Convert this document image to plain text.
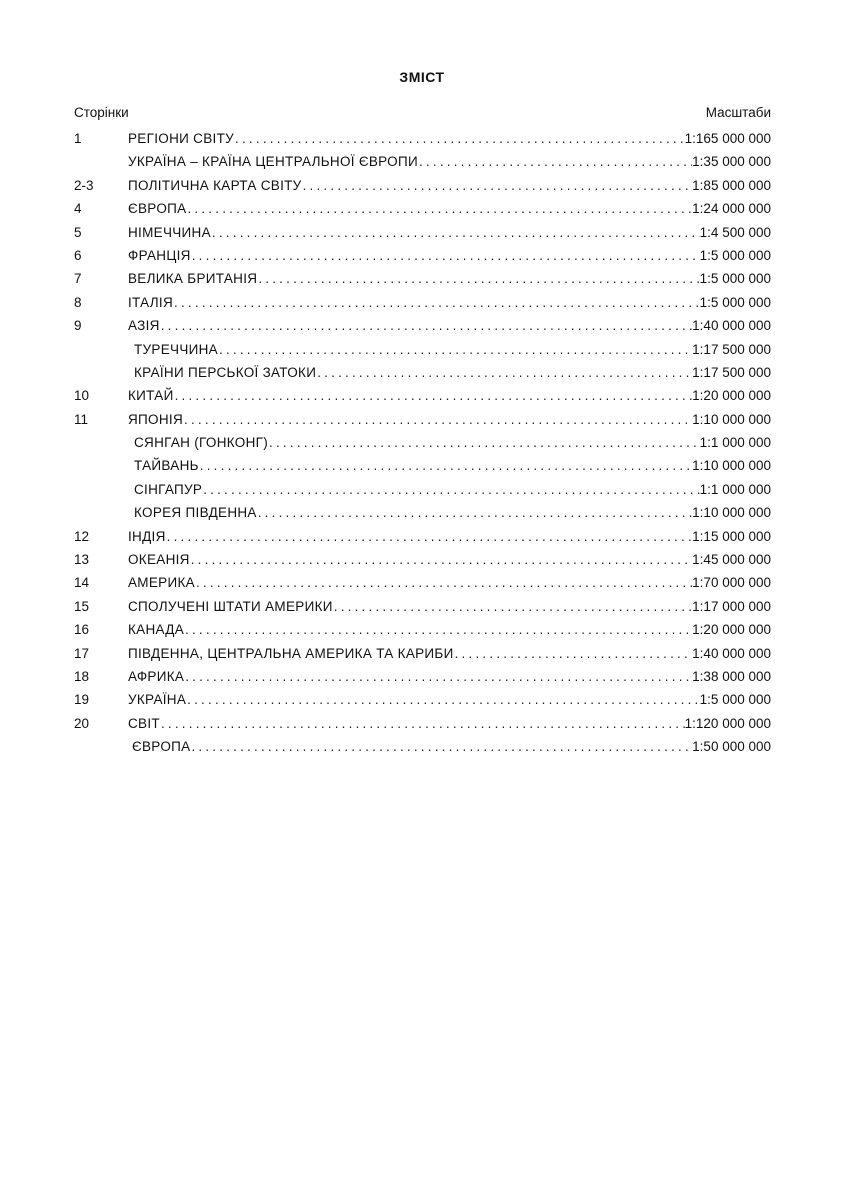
ЗМІСТ
Сторінки	Масштаби
1	РЕГІОНИ СВІТУ .....	1:165 000 000
УКРАЇНА – КРАЇНА ЦЕНТРАЛЬНОЇ ЄВРОПИ .....	1:35 000 000
2-3	ПОЛІТИЧНА КАРТА СВІТУ .....	1:85 000 000
4	ЄВРОПА .....	1:24 000 000
5	НІМЕЧЧИНА .....	1:4 500 000
6	ФРАНЦІЯ .....	1:5 000 000
7	ВЕЛИКА БРИТАНІЯ .....	1:5 000 000
8	ІТАЛІЯ .....	1:5 000 000
9	АЗІЯ .....	1:40 000 000
ТУРЕЧЧИНА .....	1:17 500 000
КРАЇНИ ПЕРСЬКОЇ ЗАТОКИ .....	1:17 500 000
10	КИТАЙ .....	1:20 000 000
11	ЯПОНІЯ .....	1:10 000 000
СЯНГАН (ГОНКОНГ) .....	1:1 000 000
ТАЙВАНЬ .....	1:10 000 000
СІНГАПУР .....	1:1 000 000
КОРЕЯ ПІВДЕННА .....	1:10 000 000
12	ІНДІЯ .....	1:15 000 000
13	ОКЕАНІЯ .....	1:45 000 000
14	АМЕРИКА .....	1:70 000 000
15	СПОЛУЧЕНІ ШТАТИ АМЕРИКИ .....	1:17 000 000
16	КАНАДА .....	1:20 000 000
17	ПІВДЕННА, ЦЕНТРАЛЬНА АМЕРИКА ТА КАРИБИ .....	1:40 000 000
18	АФРИКА .....	1:38 000 000
19	УКРАЇНА .....	1:5 000 000
20	СВІТ .....	1:120 000 000
ЄВРОПА .....	1:50 000 000
